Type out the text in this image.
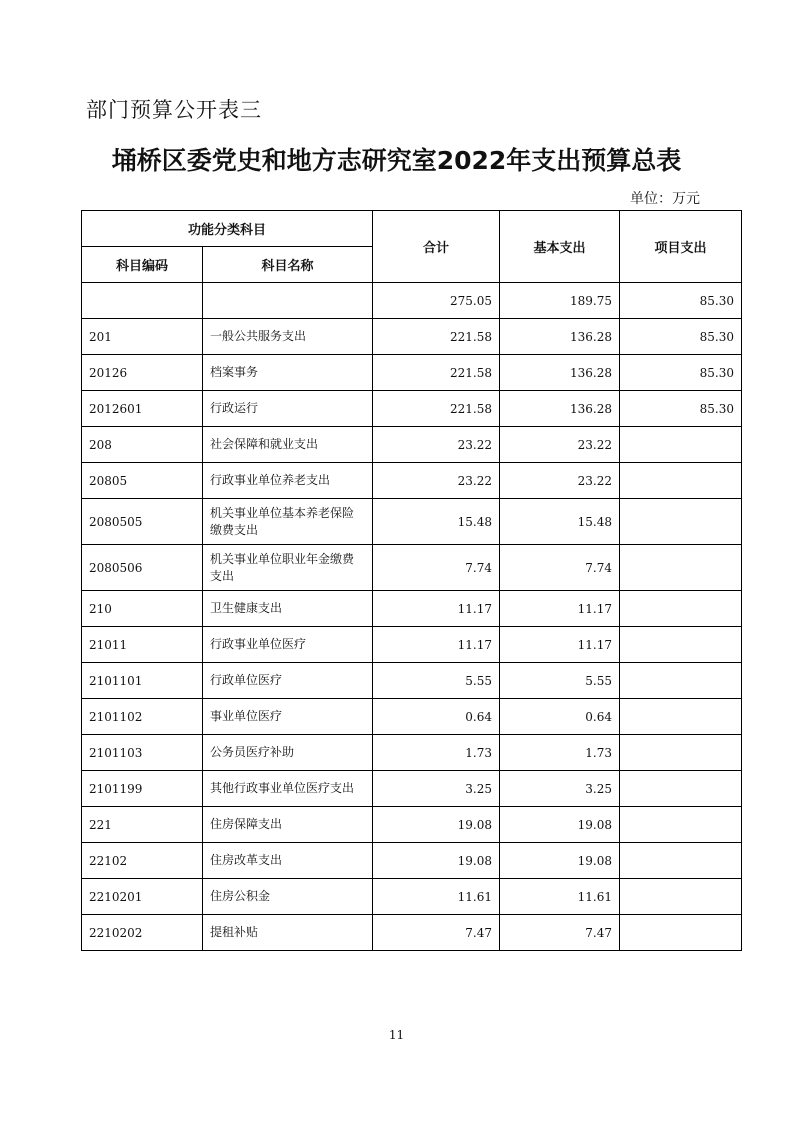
部门预算公开表三
埇桥区委党史和地方志研究室2022年支出预算总表
单位：万元
功能分类科目		合计	基本支出	项目支出
科目编码	科目名称			
		275.05	189.75	85.30
201	一般公共服务支出	221.58	136.28	85.30
20126	档案事务	221.58	136.28	85.30
2012601	行政运行	221.58	136.28	85.30
208	社会保障和就业支出	23.22	23.22	
20805	行政事业单位养老支出	23.22	23.22	
2080505	机关事业单位基本养老保险缴费支出	15.48	15.48	
2080506	机关事业单位职业年金缴费支出	7.74	7.74	
210	卫生健康支出	11.17	11.17	
21011	行政事业单位医疗	11.17	11.17	
2101101	行政单位医疗	5.55	5.55	
2101102	事业单位医疗	0.64	0.64	
2101103	公务员医疗补助	1.73	1.73	
2101199	其他行政事业单位医疗支出	3.25	3.25	
221	住房保障支出	19.08	19.08	
22102	住房改革支出	19.08	19.08	
2210201	住房公积金	11.61	11.61	
2210202	提租补贴	7.47	7.47	
11
